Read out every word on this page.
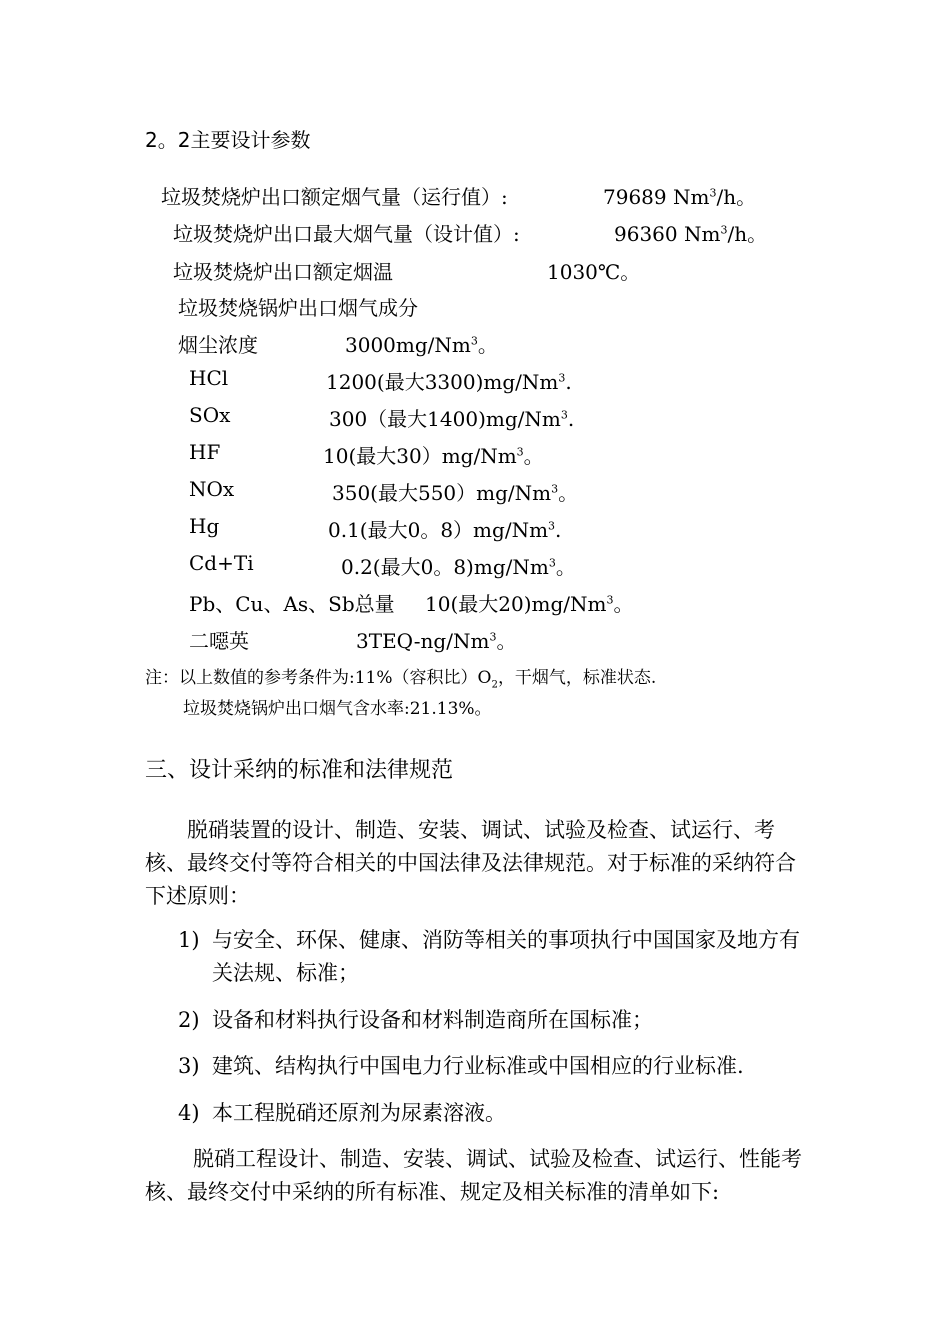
2。2主要设计参数
垃圾焚烧炉出口额定烟气量（运行值）:	79689 Nm$^3$/h。
垃圾焚烧炉出口最大烟气量（设计值）:	96360 Nm$^3$/h。
垃圾焚烧炉出口额定烟温	1030℃。
垃圾焚烧锅炉出口烟气成分
烟尘浓度	3000mg/Nm$^3$。
HCl	1200(最大3300)mg/Nm$^3$.
SOx	300（最大1400)mg/Nm$^3$.
HF	10(最大30）mg/Nm$^3$。
NOx	350(最大550）mg/Nm$^3$。
Hg	0.1(最大0。8）mg/Nm$^3$.
Cd+Ti	0.2(最大0。8)mg/Nm$^3$。
Pb、Cu、As、Sb总量 10(最大20)mg/Nm$^3$。
二噁英	3TEQ-ng/Nm$^3$。
注：以上数值的参考条件为:11%（容积比）$O_2$，干烟气，标准状态.
垃圾焚烧锅炉出口烟气含水率:21.13%。
三、设计采纳的标准和法律规范
脱硝装置的设计、制造、安装、调试、试验及检查、试运行、考核、最终交付等符合相关的中国法律及法律规范。对于标准的采纳符合下述原则：
1) 与安全、环保、健康、消防等相关的事项执行中国国家及地方有关法规、标准；
2) 设备和材料执行设备和材料制造商所在国标准；
3) 建筑、结构执行中国电力行业标准或中国相应的行业标准.
4) 本工程脱硝还原剂为尿素溶液。
脱硝工程设计、制造、安装、调试、试验及检查、试运行、性能考核、最终交付中采纳的所有标准、规定及相关标准的清单如下:
